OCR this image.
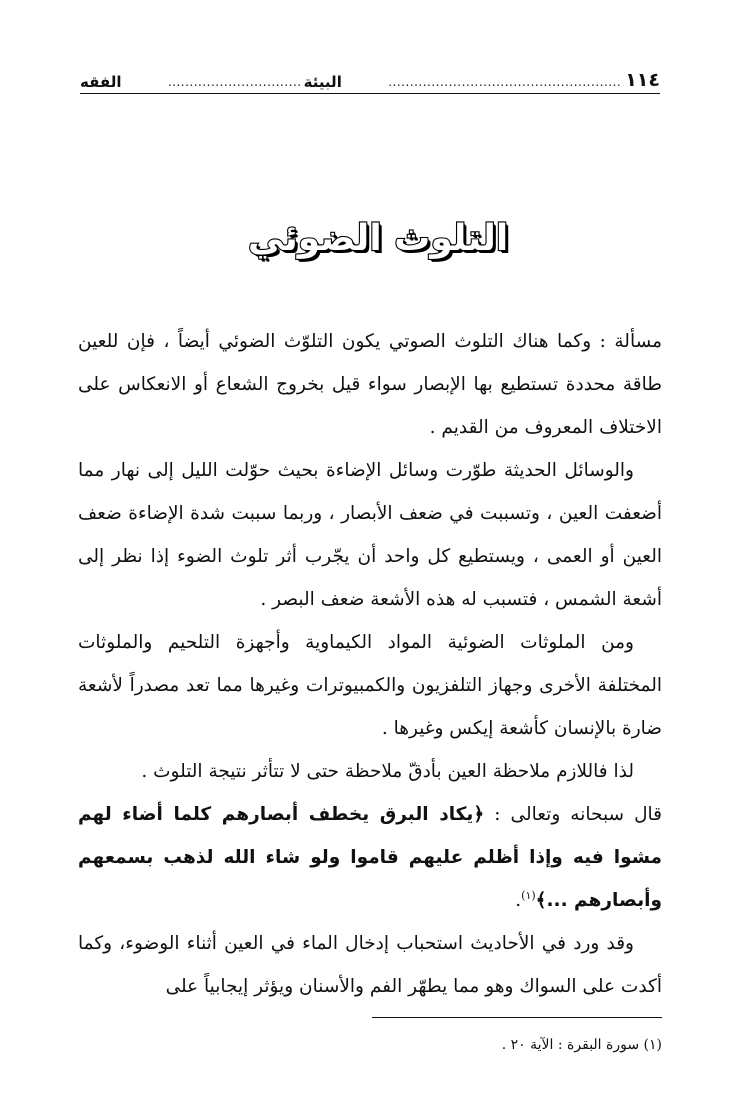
١١٤
......................................................
البيئة
...............................
الفقه
التلوث الضوئي

مسألة : وكما هناك التلوث الصوتي يكون التلوّث الضوئي أيضاً ، فإن للعين طاقة محددة تستطيع بها الإبصار سواء قيل بخروج الشعاع أو الانعكاس على الاختلاف المعروف من القديم .

والوسائل الحديثة طوّرت وسائل الإضاءة بحيث حوّلت الليل إلى نهار مما أضعفت العين ، وتسببت في ضعف الأبصار ، وربما سببت شدة الإضاءة ضعف العين أو العمى ، ويستطيع كل واحد أن يجّرب أثر تلوث الضوء إذا نظر إلى أشعة الشمس ، فتسبب له هذه الأشعة ضعف البصر .

ومن الملوثات الضوئية المواد الكيماوية وأجهزة التلحيم والملوثات المختلفة الأخرى وجهاز التلفزيون والكمبيوترات وغيرها مما تعد مصدراً لأشعة ضارة بالإنسان كأشعة إيكس وغيرها .

لذا فاللازم ملاحظة العين بأدقّ ملاحظة حتى لا تتأثر نتيجة التلوث .

قال سبحانه وتعالى : ﴿يكاد البرق يخطف أبصارهم كلما أضاء لهم مشوا فيه وإذا أظلم عليهم قاموا ولو شاء الله لذهب بسمعهم وأبصارهم ...﴾$^{(١)}$.

وقد ورد في الأحاديث استحباب إدخال الماء في العين أثناء الوضوء، وكما أكدت على السواك وهو مما يطهّر الفم والأسنان ويؤثر إيجابياً على

(١) سورة البقرة : الآية ٢٠ .
